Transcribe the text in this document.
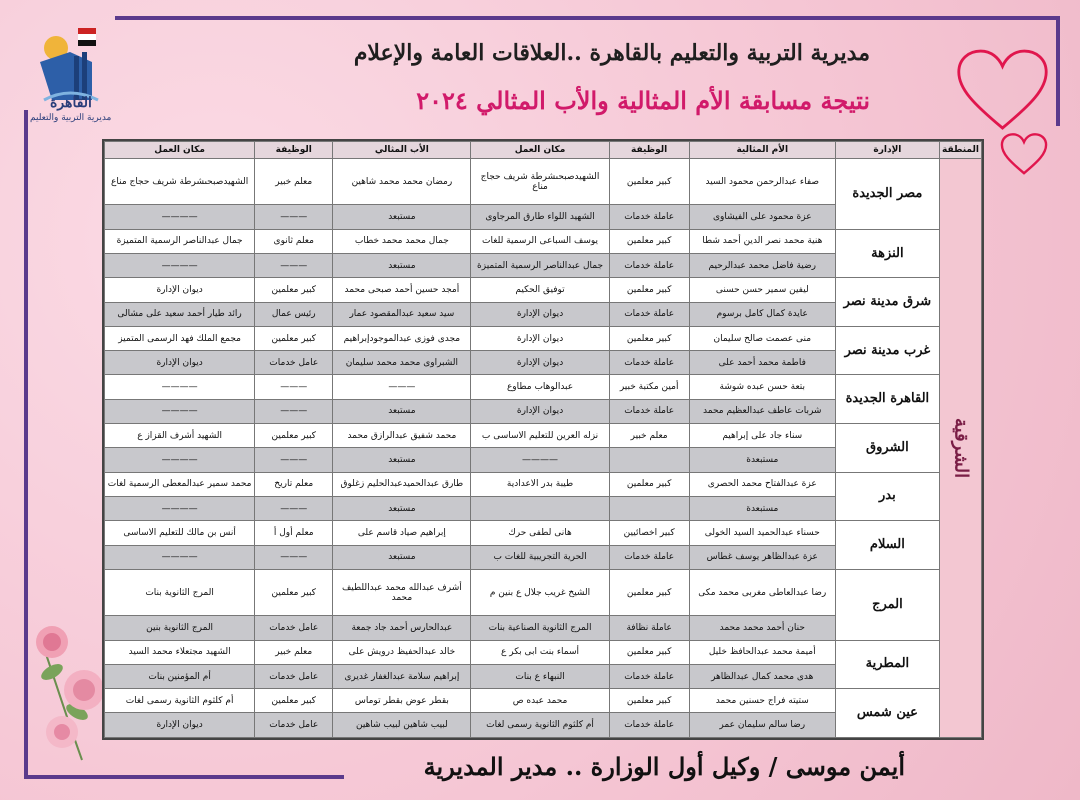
القاهرة
مديرية التربية والتعليم
مديرية التربية والتعليم بالقاهرة ..العلاقات العامة والإعلام
نتيجة مسابقة الأم المثالية والأب المثالي ٢٠٢٤
المنطقة	الإدارة	الأم المثالية	الوظيفة	مكان العمل	الأب المثالي	الوظيفة	مكان العمل
الشرقية	مصر الجديدة	صفاء عبدالرحمن محمود السيد	كبير معلمين	الشهيدصبحىشرطة شريف حجاج مناع	رمضان محمد محمد شاهين	معلم خبير	الشهيدصبحىشرطة شريف حجاج مناع
		عزة محمود على الفيشاوى	عاملة خدمات	الشهيد اللواء طارق المرجاوى	مستبعد	———	————
	النزهة	هنية محمد نصر الدين أحمد شطا	كبير معلمين	يوسف السباعى الرسمية للغات	جمال محمد محمد خطاب	معلم ثانوى	جمال عبدالناصر الرسمية المتميزة
		رضية فاضل محمد عبدالرحيم	عاملة خدمات	جمال عبدالناصر الرسمية المتميزة	مستبعد	———	————
	شرق مدينة نصر	ليفين سمير حسن حسنى	كبير معلمين	توفيق الحكيم	أمجد حسين أحمد صبحى محمد	كبير معلمين	ديوان الإدارة
		عايدة كمال كامل برسوم	عاملة خدمات	ديوان الإدارة	سيد سعيد عبدالمقصود عمار	رئيس عمال	رائد طيار أحمد سعيد على مشالى
	غرب مدينة نصر	منى عصمت صالح سليمان	كبير معلمين	ديوان الإدارة	مجدى فوزى عبدالموجودإبراهيم	كبير معلمين	مجمع الملك فهد الرسمى المتميز
		فاطمة محمد أحمد على	عاملة خدمات	ديوان الإدارة	الشبراوى محمد محمد سليمان	عامل خدمات	ديوان الإدارة
	القاهرة الجديدة	بتعة حسن عبده شوشة	أمين مكتبة خبير	عبدالوهاب مطاوع	———	———	————
		شربات عاطف عبدالعظيم محمد	عاملة خدمات	ديوان الإدارة	مستبعد	———	————
	الشروق	سناء جاد على إبراهيم	معلم خبير	نزله العرين للتعليم الاساسى ب	محمد شفيق عبدالرازق محمد	كبير معلمين	الشهيد أشرف القزاز ع
		مستبعدة		————	مستبعد	———	————
	بدر	عزة عبدالفتاح محمد الحصرى	كبير معلمين	طيبة بدر الاعدادية	طارق عبدالحميدعبدالحليم زغلوق	معلم تاريخ	محمد سمير عبدالمعطى الرسمية لغات
		مستبعدة			مستبعد	———	————
	السلام	حسناء عبدالحميد السيد الخولى	كبير اخصائيين	هانى لطفى حرك	إبراهيم صياد قاسم على	معلم أول أ	أنس بن مالك للتعليم الاساسى
		عزة عبدالظاهر يوسف غطاس	عاملة خدمات	الحرية التجريبية للغات ب	مستبعد	———	————
	المرج	رضا عبدالعاطى مغربى محمد مكى	كبير معلمين	الشيخ غريب جلال ع بنين م	أشرف عبدالله محمد عبداللطيف محمد	كبير معلمين	المرج الثانوية بنات
		حنان أحمد محمد محمد	عاملة نظافة	المرج الثانوية الصناعية بنات	عبدالحارس أحمد جاد جمعة	عامل خدمات	المرج الثانوية بنين
	المطرية	أميمة محمد عبدالحافظ خليل	كبير معلمين	أسماء بنت ابى بكر ع	خالد عبدالحفيظ درويش على	معلم خبير	الشهيد مجتعلاء محمد السيد
		هدى محمد كمال عبدالظاهر	عاملة خدمات	النبهاء ع بنات	إبراهيم سلامة عبدالغفار غديرى	عامل خدمات	أم المؤمنين بنات
	عين شمس	ستيته فراج حسنين محمد	كبير معلمين	محمد عبده ص	بقطر عوض بقطر توماس	كبير معلمين	أم كلثوم الثانوية رسمى لغات
		رضا سالم سليمان عمر	عاملة خدمات	أم كلثوم الثانوية رسمى لغات	لبيب شاهين لبيب شاهين	عامل خدمات	ديوان الإدارة
أيمن موسى / وكيل أول الوزارة .. مدير المديرية
